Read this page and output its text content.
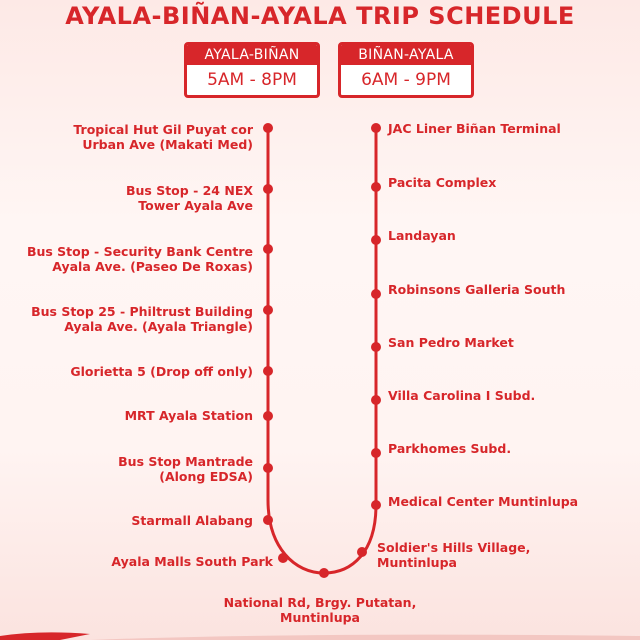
AYALA-BIÑAN-AYALA TRIP SCHEDULE
AYALA-BIÑAN
5AM - 8PM
BIÑAN-AYALA
6AM - 9PM
Tropical Hut Gil Puyat cor
Urban Ave (Makati Med)
Bus Stop - 24 NEX
Tower Ayala Ave
Bus Stop - Security Bank Centre
Ayala Ave. (Paseo De Roxas)
Bus Stop 25 - Philtrust Building
Ayala Ave. (Ayala Triangle)
Glorietta 5 (Drop off only)
MRT Ayala Station
Bus Stop Mantrade
(Along EDSA)
Starmall Alabang
Ayala Malls South Park
National Rd, Brgy. Putatan,
Muntinlupa
JAC Liner Biñan Terminal
Pacita Complex
Landayan
Robinsons Galleria South
San Pedro Market
Villa Carolina I Subd.
Parkhomes Subd.
Medical Center Muntinlupa
Soldier's Hills Village,
Muntinlupa
